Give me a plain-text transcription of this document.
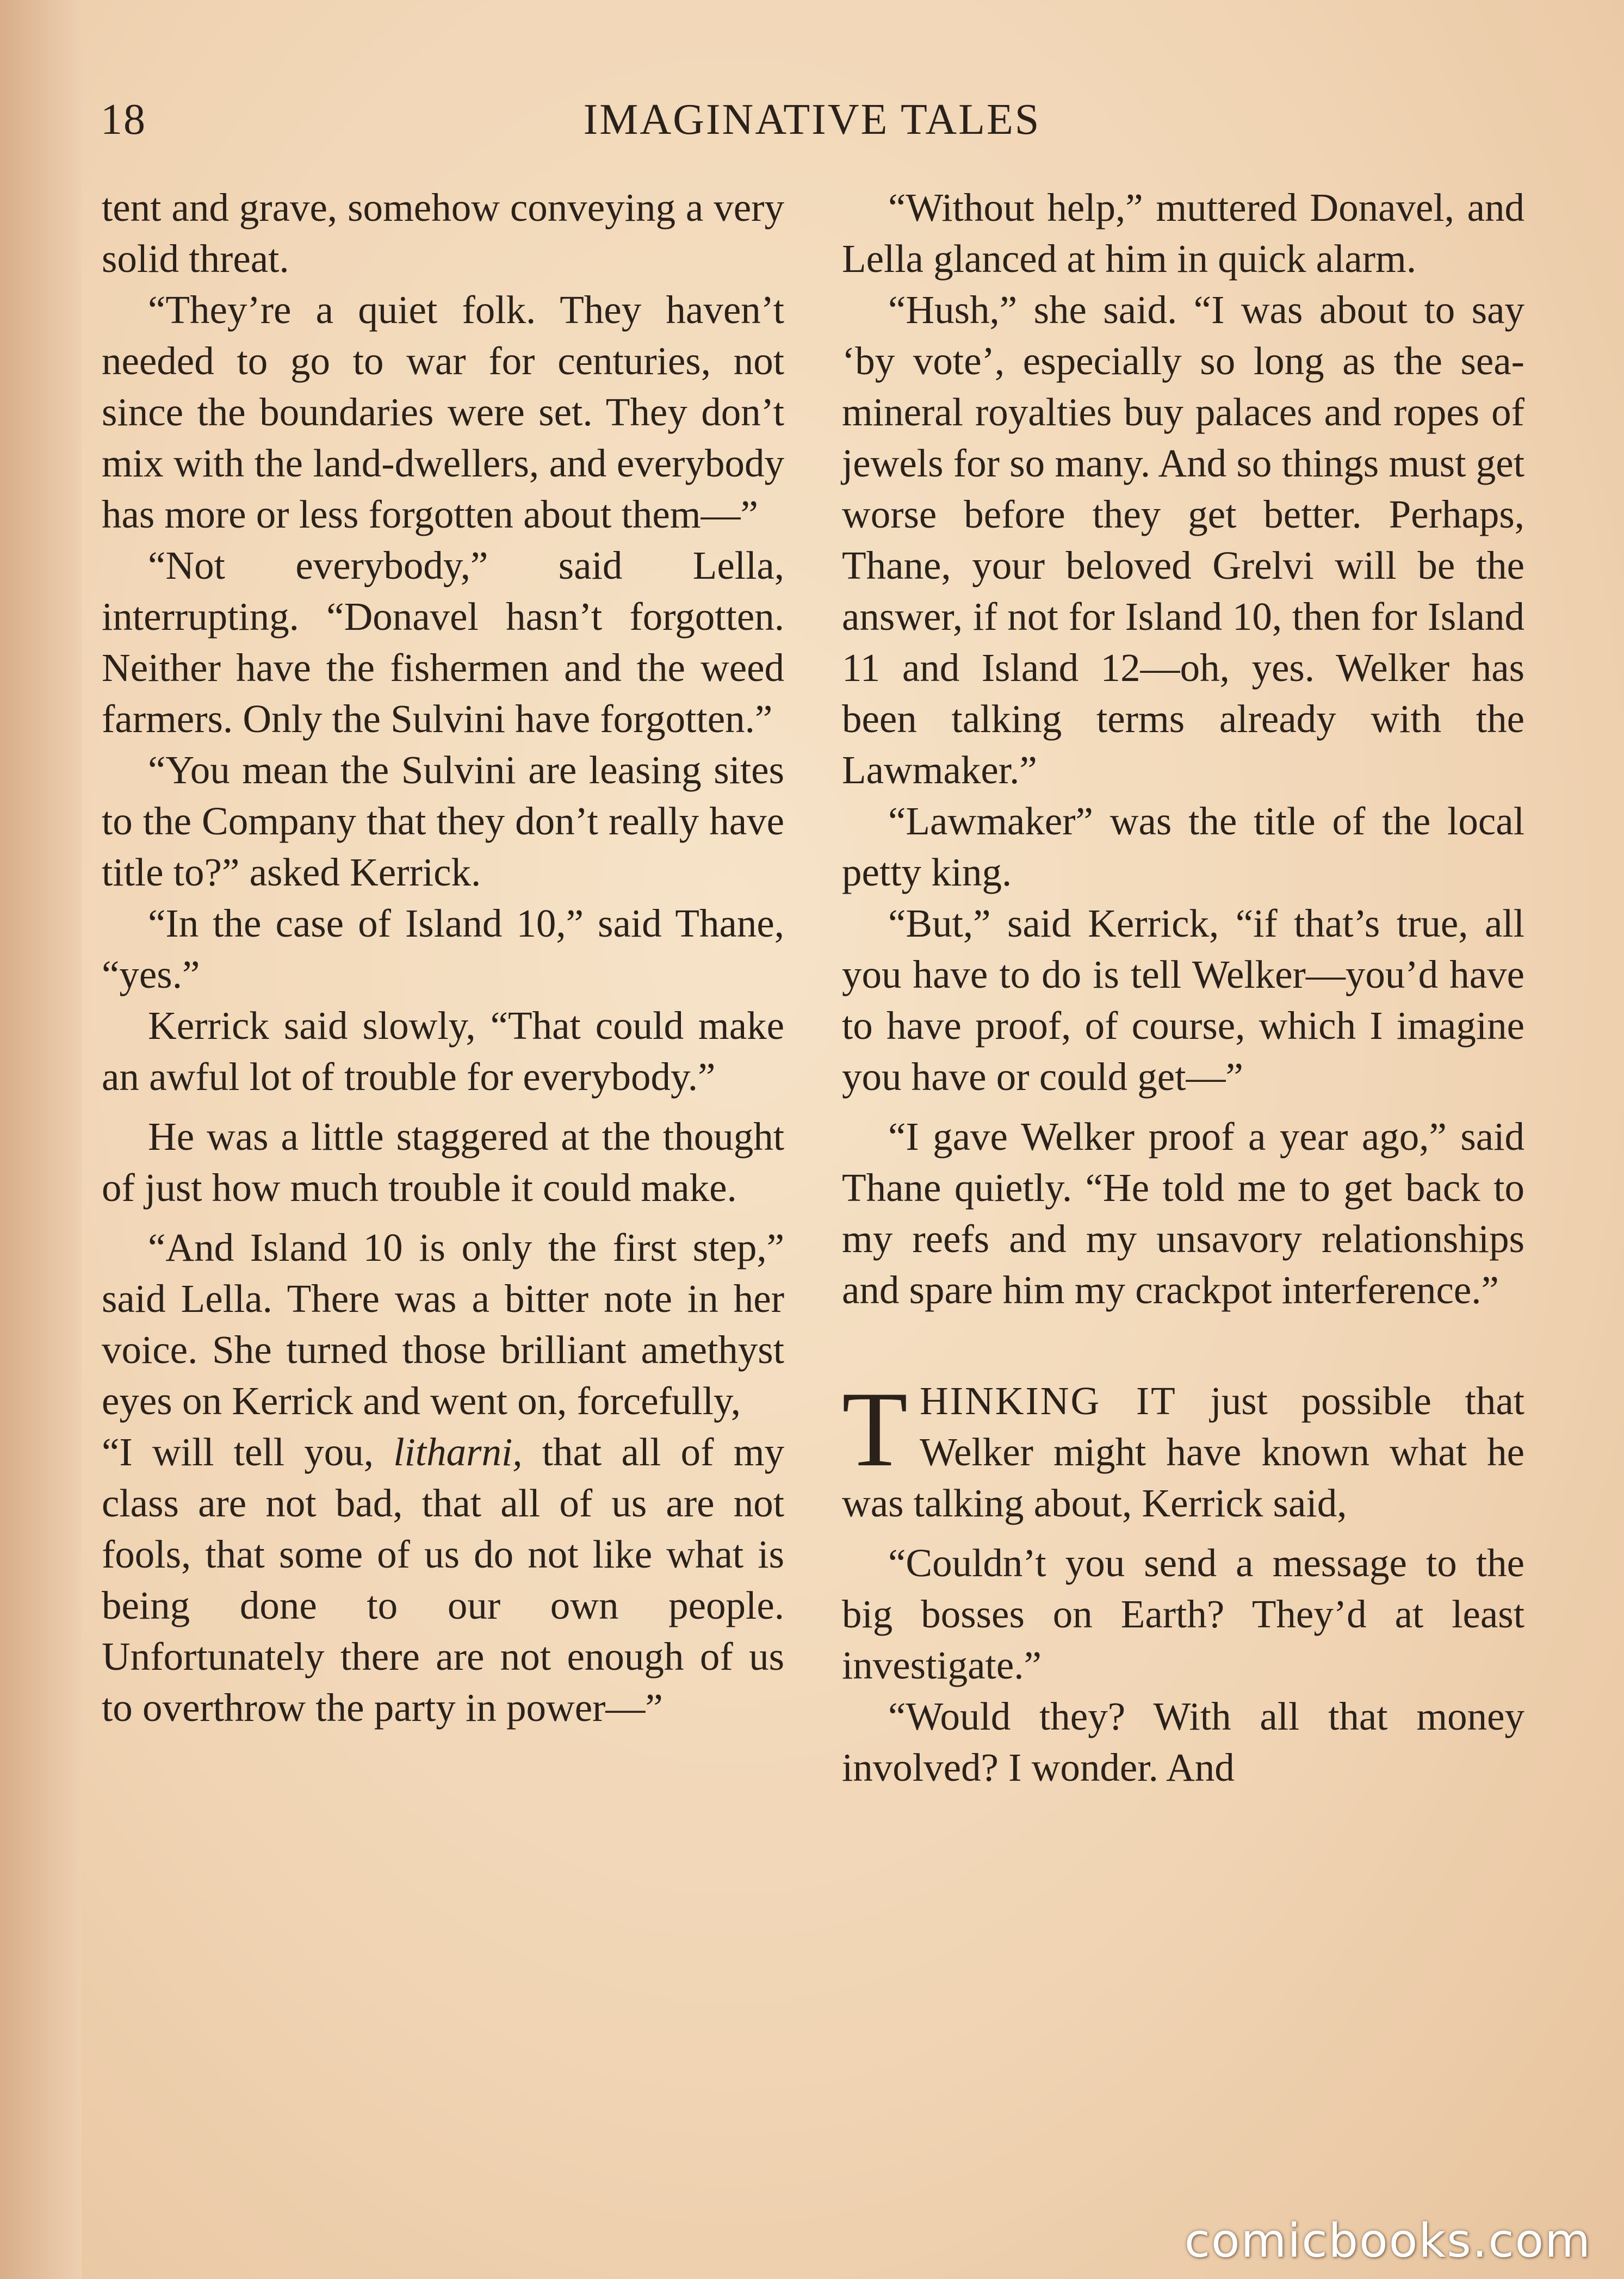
18	IMAGINATIVE TALES

tent and grave, somehow conveying a very solid threat.

“They’re a quiet folk. They haven’t needed to go to war for centuries, not since the boundaries were set. They don’t mix with the land-dwellers, and everybody has more or less forgotten about them—”

“Not everybody,” said Lella, interrupting. “Donavel hasn’t forgotten. Neither have the fishermen and the weed farmers. Only the Sulvini have forgotten.”

“You mean the Sulvini are leasing sites to the Company that they don’t really have title to?” asked Kerrick.

“In the case of Island 10,” said Thane, “yes.”

Kerrick said slowly, “That could make an awful lot of trouble for everybody.”

He was a little staggered at the thought of just how much trouble it could make.

“And Island 10 is only the first step,” said Lella. There was a bitter note in her voice. She turned those brilliant amethyst eyes on Kerrick and went on, forcefully,

“I will tell you, litharni, that all of my class are not bad, that all of us are not fools, that some of us do not like what is being done to our own people. Unfortunately there are not enough of us to overthrow the party in power—”

“Without help,” muttered Donavel, and Lella glanced at him in quick alarm.

“Hush,” she said. “I was about to say ‘by vote’, especially so long as the sea-mineral royalties buy palaces and ropes of jewels for so many. And so things must get worse before they get better. Perhaps, Thane, your beloved Grelvi will be the answer, if not for Island 10, then for Island 11 and Island 12—oh, yes. Welker has been talking terms already with the Lawmaker.”

“Lawmaker” was the title of the local petty king.

“But,” said Kerrick, “if that’s true, all you have to do is tell Welker—you’d have to have proof, of course, which I imagine you have or could get—”

“I gave Welker proof a year ago,” said Thane quietly. “He told me to get back to my reefs and my unsavory relationships and spare him my crackpot interference.”

THINKING IT just possible that Welker might have known what he was talking about, Kerrick said,

“Couldn’t you send a message to the big bosses on Earth? They’d at least investigate.”

“Would they? With all that money involved? I wonder. And

comicbooks.com
